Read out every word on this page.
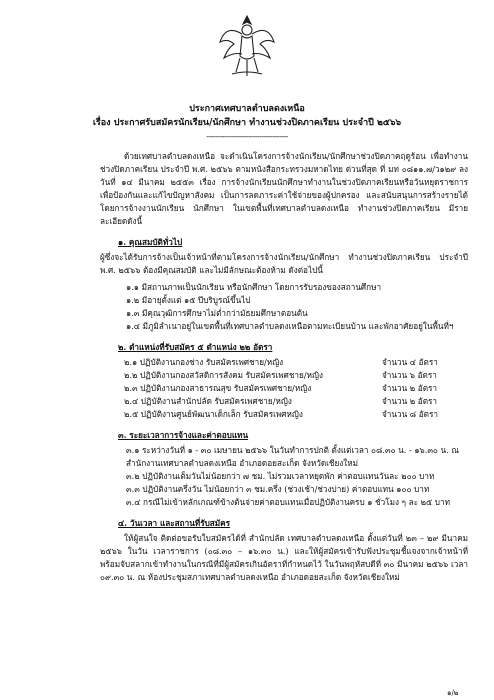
ประกาศเทศบาลตำบลดงเหนือ
เรื่อง ประกาศรับสมัครนักเรียน/นักศึกษา ทำงานช่วงปิดภาคเรียน ประจำปี ๒๕๖๖
-------------------------------------

ด้วยเทศบาลตำบลดงเหนือ จะดำเนินโครงการจ้างนักเรียน/นักศึกษาช่วงปิดภาคฤดูร้อน เพื่อทำงานช่วงปิดภาคเรียน ประจำปี พ.ศ. ๒๕๖๖ ตามหนังสือกระทรวงมหาดไทย ด่วนที่สุด ที่ มท ๐๘๑๑.๗/ว๑๒๙ ลงวันที่ ๑๔ มีนาคม ๒๕๕๓ เรื่อง การจ้างนักเรียนนักศึกษาทำงานในช่วงปิดภาคเรียนหรือวันหยุดราชการ เพื่อป้องกันและแก้ไขปัญหาสังคม เป็นการลดภาระค่าใช้จ่ายของผู้ปกครอง และสนับสนุนการสร้างรายได้ โดยการจ้างงานนักเรียน นักศึกษา ในเขตพื้นที่เทศบาลตำบลดงเหนือ ทำงานช่วงปิดภาคเรียน มีรายละเอียดดังนี้

๑. คุณสมบัติทั่วไป

ผู้ซึ่งจะได้รับการจ้างเป็นเจ้าหน้าที่ตามโครงการจ้างนักเรียน/นักศึกษา ทำงานช่วงปิดภาคเรียน ประจำปี พ.ศ. ๒๕๖๖ ต้องมีคุณสมบัติ และไม่มีลักษณะต้องห้าม ดังต่อไปนี้

๑.๑ มีสถานภาพเป็นนักเรียน หรือนักศึกษา โดยการรับรองของสถานศึกษา
๑.๒ มีอายุตั้งแต่ ๑๕ ปีบริบูรณ์ขึ้นไป
๑.๓ มีคุณวุฒิการศึกษาไม่ต่ำกว่ามัธยมศึกษาตอนต้น
๑.๔ มีภูมิลำเนาอยู่ในเขตพื้นที่เทศบาลตำบลดงเหนือตามทะเบียนบ้าน และพักอาศัยอยู่ในพื้นที่ฯ
๒. ตำแหน่งที่รับสมัคร ๕ ตำแหน่ง ๒๒ อัตรา
๒.๑ ปฏิบัติงานกองช่าง รับสมัครเพศชาย/หญิง	จำนวน ๔ อัตรา
๒.๒ ปฏิบัติงานกองสวัสดิการสังคม รับสมัครเพศชาย/หญิง	จำนวน ๖ อัตรา
๒.๓ ปฏิบัติงานกองสาธารณสุข รับสมัครเพศชาย/หญิง	จำนวน ๒ อัตรา
๒.๔ ปฏิบัติงานสำนักปลัด รับสมัครเพศชาย/หญิง	จำนวน ๒ อัตรา
๒.๕ ปฏิบัติงานศูนย์พัฒนาเด็กเล็ก รับสมัครเพศหญิง	จำนวน ๘ อัตรา
๓. ระยะเวลาการจ้างและค่าตอบแทน
๓.๑ ระหว่างวันที่ ๑ - ๓๐ เมษายน ๒๕๖๖ ในวันทำการปกติ ตั้งแต่เวลา ๐๘.๓๐ น. - ๑๖.๓๐ น. ณ สำนักงานเทศบาลตำบลดงเหนือ อำเภอดอยสะเก็ด จังหวัดเชียงใหม่
๓.๒ ปฏิบัติงานเต็มวันไม่น้อยกว่า ๗ ชม. ไม่รวมเวลาหยุดพัก ค่าตอบแทนวันละ ๒๐๐ บาท
๓.๓ ปฏิบัติงานครึ่งวัน ไม่น้อยกว่า ๓ ชม.ครึ่ง (ช่วงเช้า/ช่วงบ่าย) ค่าตอบแทน ๑๐๐ บาท
๓.๔ กรณีไม่เข้าหลักเกณฑ์ข้างต้นจ่ายค่าตอบแทนเมื่อปฏิบัติงานครบ ๑ ชั่วโมง ๆ ละ ๒๕ บาท
๔. วันเวลา และสถานที่รับสมัคร

ให้ผู้สนใจ ติดต่อขอรับใบสมัครได้ที่ สำนักปลัด เทศบาลตำบลดงเหนือ ตั้งแต่วันที่ ๒๓ – ๒๙ มีนาคม ๒๕๖๖ ในวัน เวลาราชการ (๐๘.๓๐ – ๑๖.๓๐ น.) และให้ผู้สมัครเข้ารับฟังประชุมชี้แจงจากเจ้าหน้าที่ พร้อมจับสลากเข้าทำงานในกรณีที่มีผู้สมัครเกินอัตราที่กำหนดไว้ ในวันพฤหัสบดีที่ ๓๐ มีนาคม ๒๕๖๖ เวลา ๐๙.๓๐ น. ณ ห้องประชุมสภาเทศบาลตำบลดงเหนือ อำเภอดอยสะเก็ด จังหวัดเชียงใหม่

๑/๒
